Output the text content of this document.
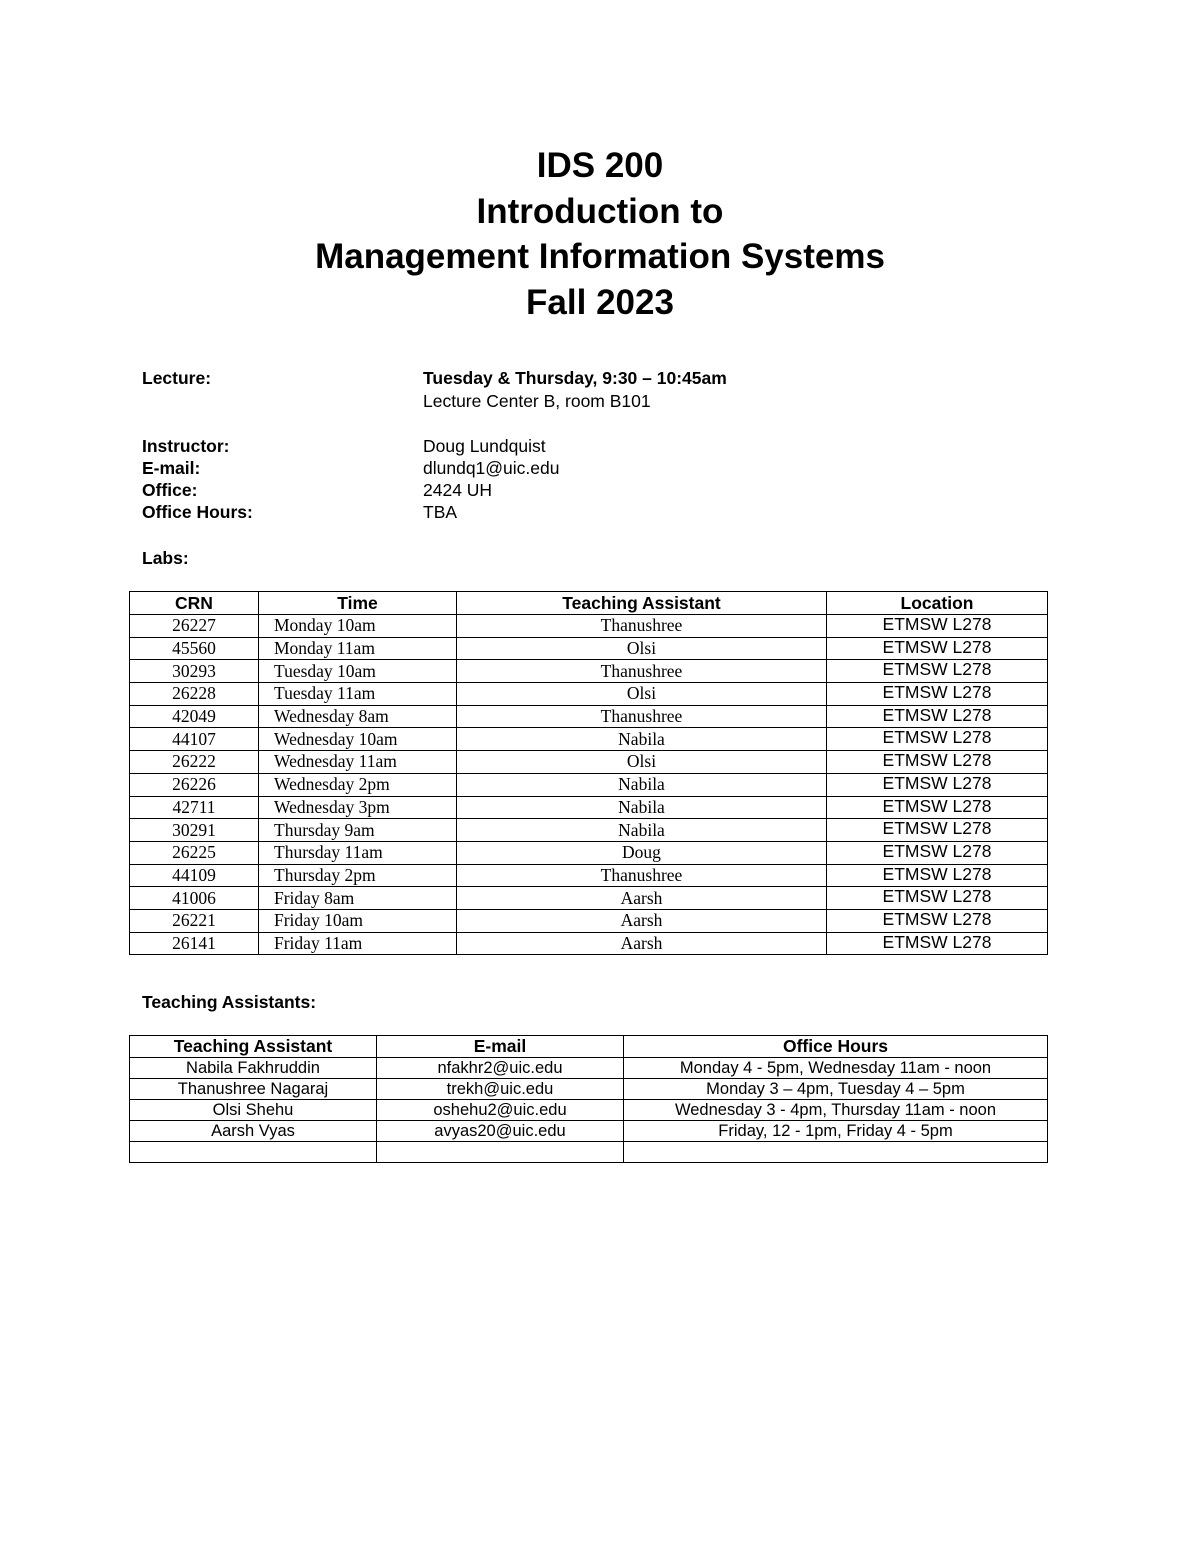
IDS 200
Introduction to
Management Information Systems
Fall 2023
Lecture:	Tuesday & Thursday, 9:30 – 10:45am
Lecture Center B, room B101
Instructor:	Doug Lundquist
E-mail:	dlundq1@uic.edu
Office:	2424 UH
Office Hours:	TBA
Labs:
CRN	Time	Teaching Assistant	Location
26227	Monday 10am	Thanushree	ETMSW L278
45560	Monday 11am	Olsi	ETMSW L278
30293	Tuesday 10am	Thanushree	ETMSW L278
26228	Tuesday 11am	Olsi	ETMSW L278
42049	Wednesday 8am	Thanushree	ETMSW L278
44107	Wednesday 10am	Nabila	ETMSW L278
26222	Wednesday 11am	Olsi	ETMSW L278
26226	Wednesday 2pm	Nabila	ETMSW L278
42711	Wednesday 3pm	Nabila	ETMSW L278
30291	Thursday 9am	Nabila	ETMSW L278
26225	Thursday 11am	Doug	ETMSW L278
44109	Thursday 2pm	Thanushree	ETMSW L278
41006	Friday 8am	Aarsh	ETMSW L278
26221	Friday 10am	Aarsh	ETMSW L278
26141	Friday 11am	Aarsh	ETMSW L278
Teaching Assistants:
Teaching Assistant	E-mail	Office Hours
Nabila Fakhruddin	nfakhr2@uic.edu	Monday 4 - 5pm, Wednesday 11am - noon
Thanushree Nagaraj	trekh@uic.edu	Monday 3 – 4pm, Tuesday 4 – 5pm
Olsi Shehu	oshehu2@uic.edu	Wednesday 3 - 4pm, Thursday 11am - noon
Aarsh Vyas	avyas20@uic.edu	Friday, 12 - 1pm, Friday 4 - 5pm
